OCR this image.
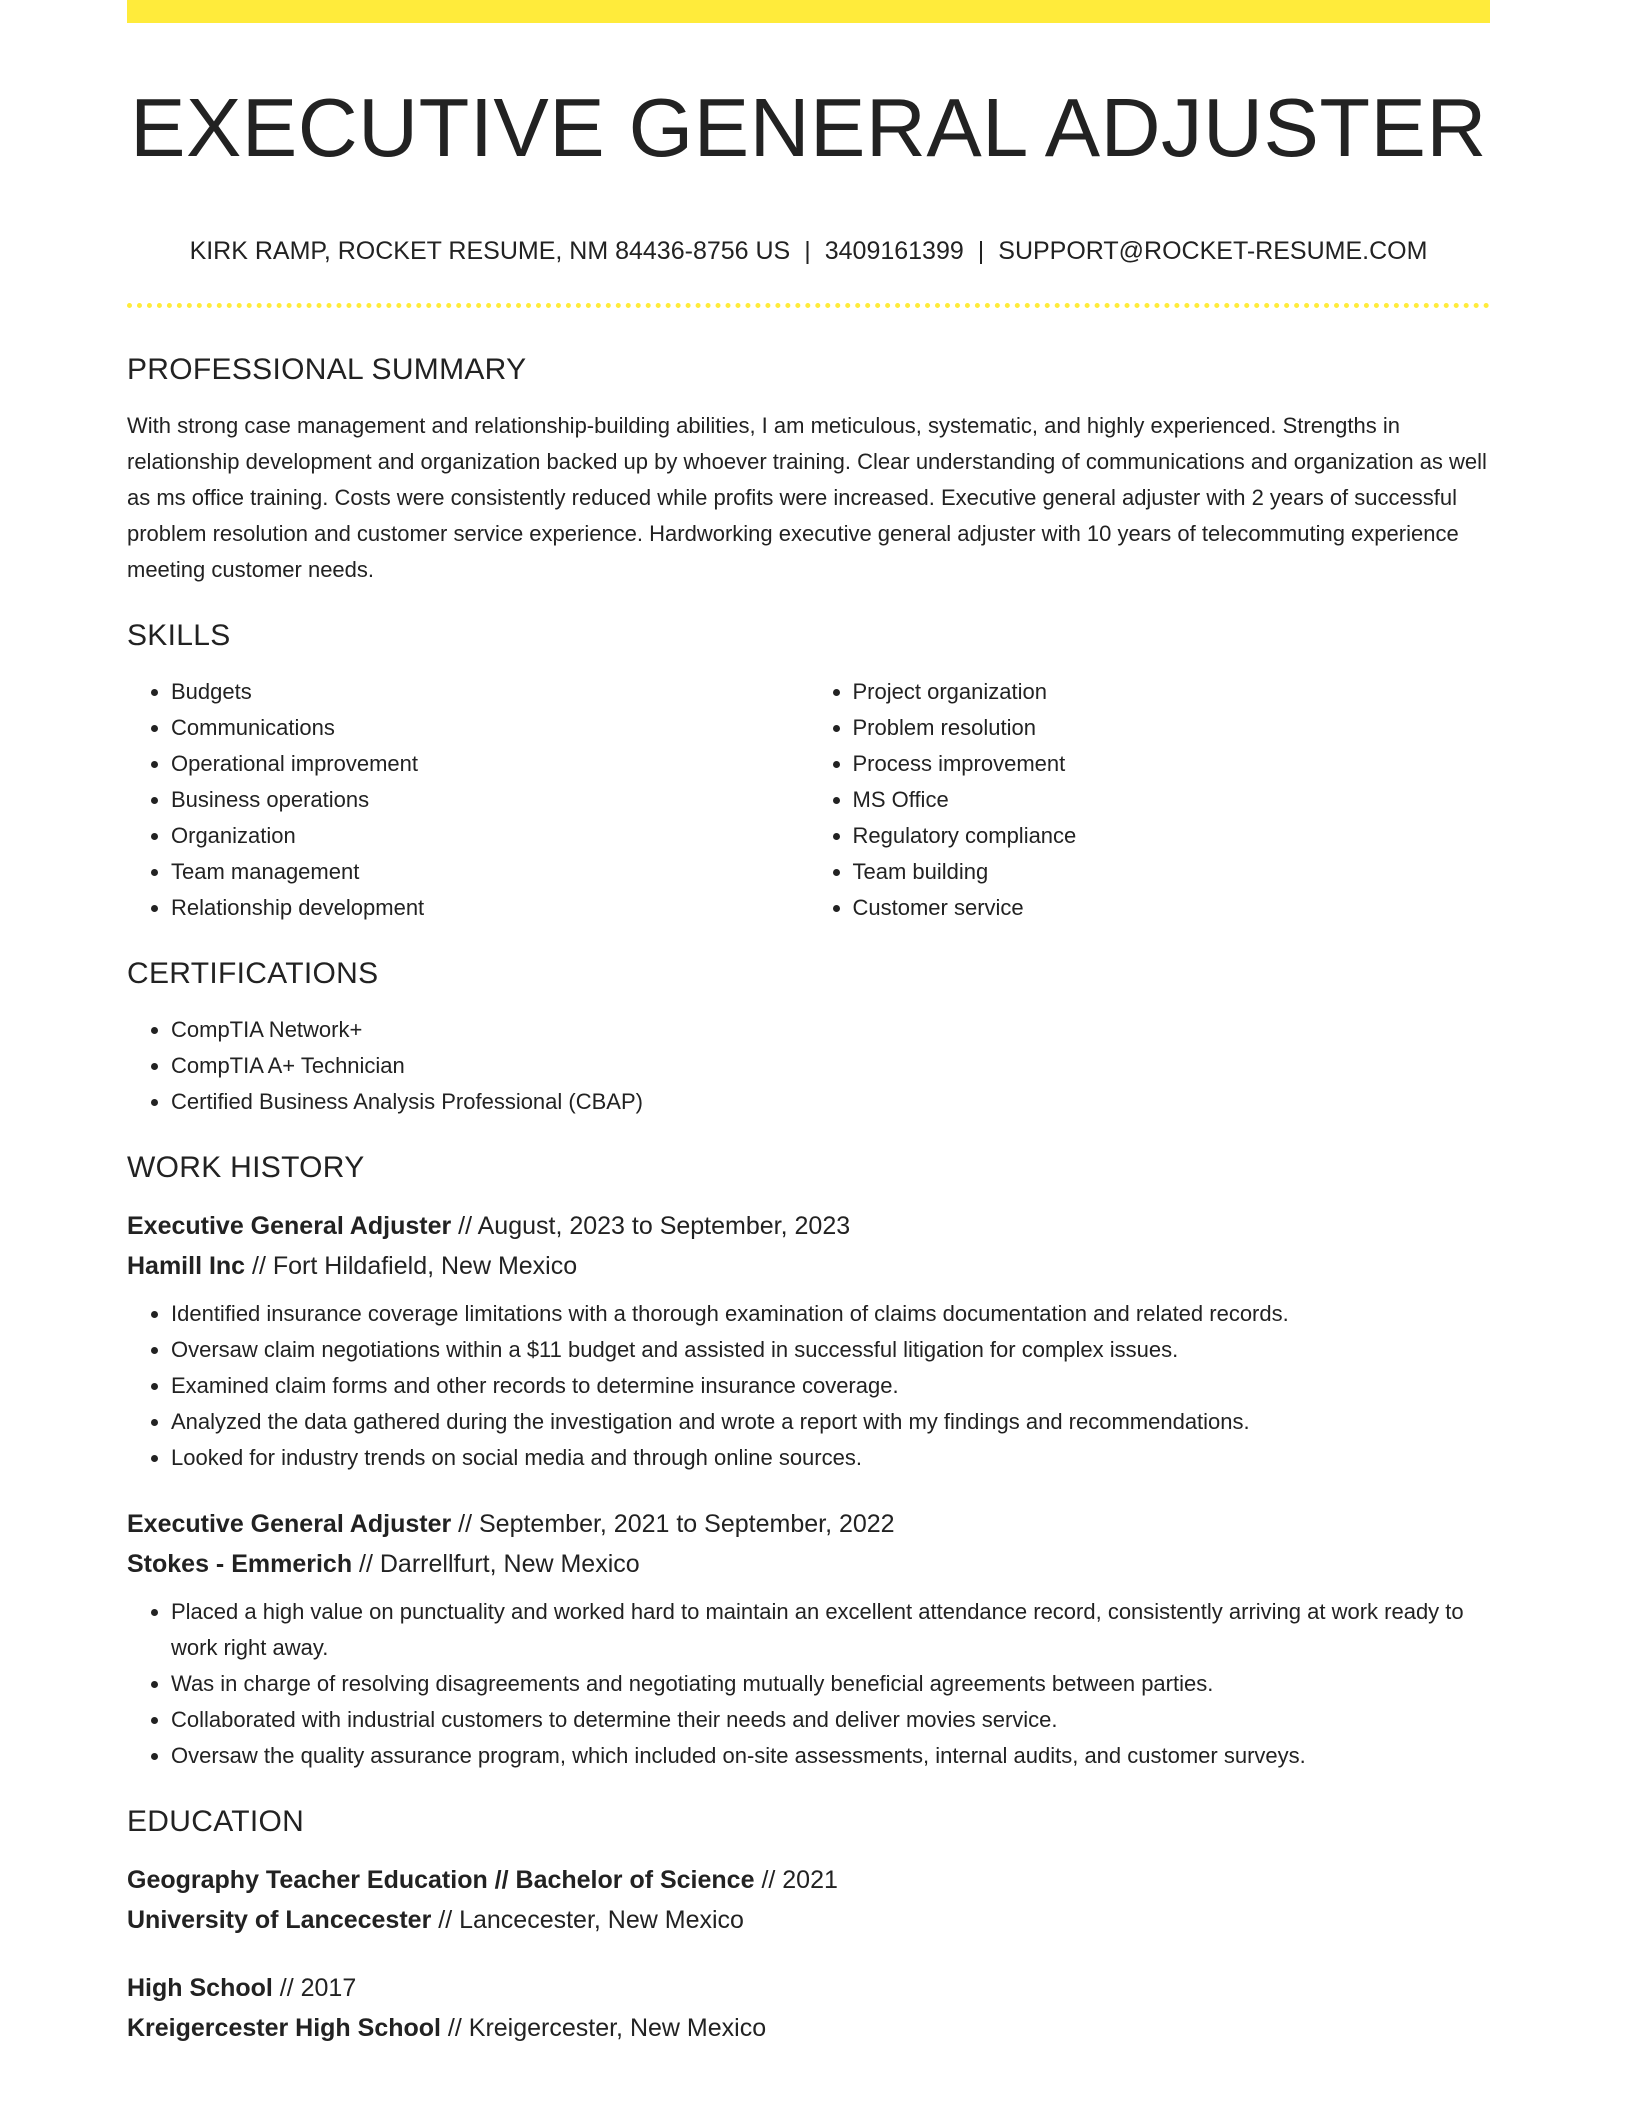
EXECUTIVE GENERAL ADJUSTER
KIRK RAMP, ROCKET RESUME, NM 84436-8756 US | 3409161399 | SUPPORT@ROCKET-RESUME.COM
PROFESSIONAL SUMMARY

With strong case management and relationship-building abilities, I am meticulous, systematic, and highly experienced. Strengths in relationship development and organization backed up by whoever training. Clear understanding of communications and organization as well as ms office training. Costs were consistently reduced while profits were increased. Executive general adjuster with 2 years of successful problem resolution and customer service experience. Hardworking executive general adjuster with 10 years of telecommuting experience meeting customer needs.

SKILLS
• Budgets
• Communications
• Operational improvement
• Business operations
• Organization
• Team management
• Relationship development
• Project organization
• Problem resolution
• Process improvement
• MS Office
• Regulatory compliance
• Team building
• Customer service
CERTIFICATIONS
• CompTIA Network+
• CompTIA A+ Technician
• Certified Business Analysis Professional (CBAP)
WORK HISTORY
Executive General Adjuster // August, 2023 to September, 2023
Hamill Inc // Fort Hildafield, New Mexico
• Identified insurance coverage limitations with a thorough examination of claims documentation and related records.
• Oversaw claim negotiations within a $11 budget and assisted in successful litigation for complex issues.
• Examined claim forms and other records to determine insurance coverage.
• Analyzed the data gathered during the investigation and wrote a report with my findings and recommendations.
• Looked for industry trends on social media and through online sources.
Executive General Adjuster // September, 2021 to September, 2022
Stokes - Emmerich // Darrellfurt, New Mexico
• Placed a high value on punctuality and worked hard to maintain an excellent attendance record, consistently arriving at work ready to work right away.
• Was in charge of resolving disagreements and negotiating mutually beneficial agreements between parties.
• Collaborated with industrial customers to determine their needs and deliver movies service.
• Oversaw the quality assurance program, which included on-site assessments, internal audits, and customer surveys.
EDUCATION
Geography Teacher Education // Bachelor of Science // 2021
University of Lancecester // Lancecester, New Mexico
High School // 2017
Kreigercester High School // Kreigercester, New Mexico
